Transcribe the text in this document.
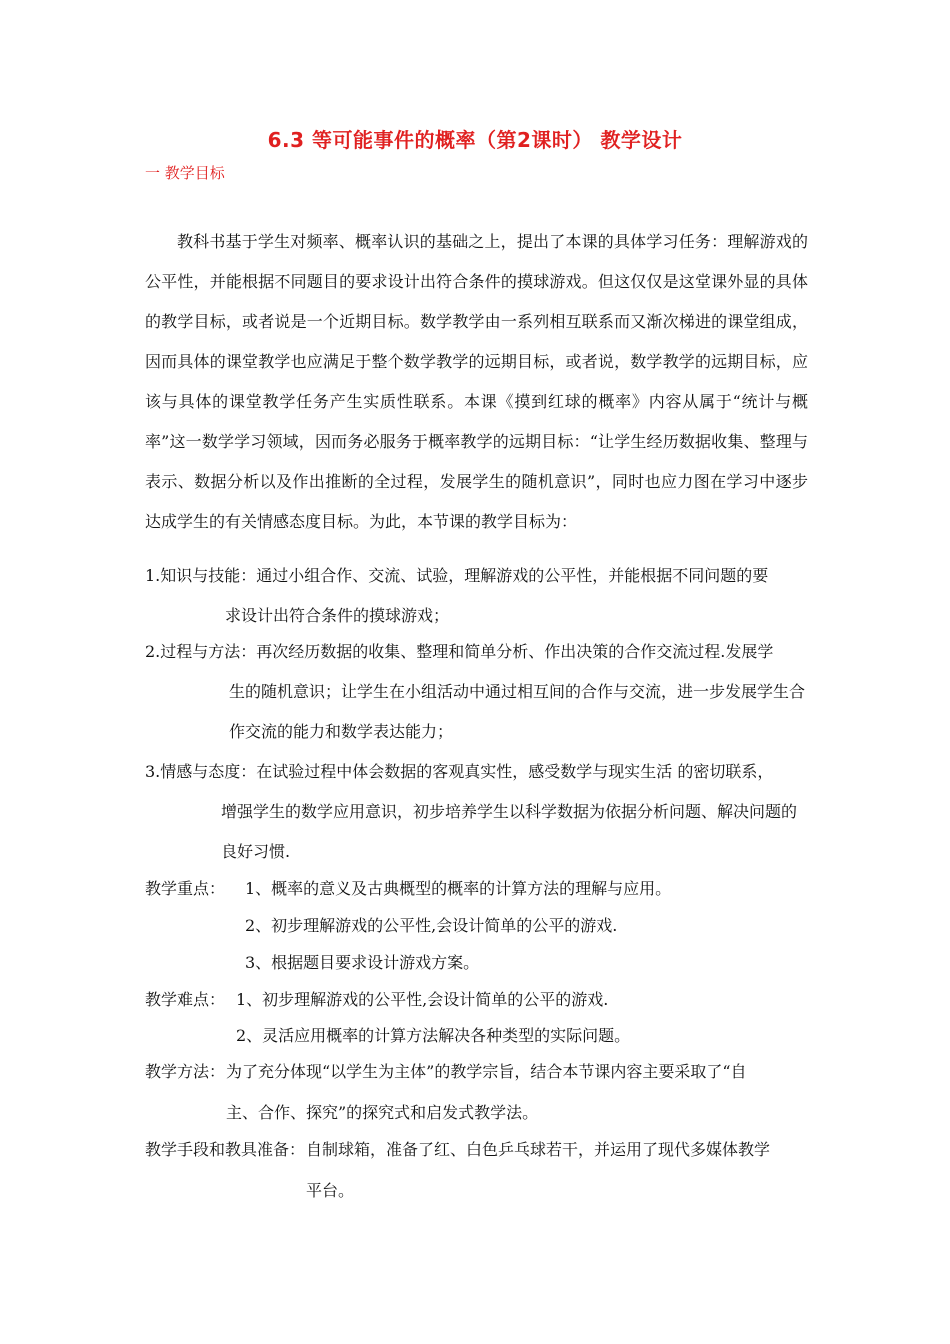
6.3 等可能事件的概率（第2课时） 教学设计
一 教学目标
教科书基于学生对频率、概率认识的基础之上，提出了本课的具体学习任务：理解游戏的公平性，并能根据不同题目的要求设计出符合条件的摸球游戏。但这仅仅是这堂课外显的具体的教学目标，或者说是一个近期目标。数学教学由一系列相互联系而又渐次梯进的课堂组成，因而具体的课堂教学也应满足于整个数学教学的远期目标，或者说，数学教学的远期目标，应该与具体的课堂教学任务产生实质性联系。本课《摸到红球的概率》内容从属于“统计与概率”这一数学学习领域，因而务必服务于概率教学的远期目标：“让学生经历数据收集、整理与表示、数据分析以及作出推断的全过程，发展学生的随机意识”，同时也应力图在学习中逐步达成学生的有关情感态度目标。为此，本节课的教学目标为：
1.知识与技能：通过小组合作、交流、试验，理解游戏的公平性，并能根据不同问题的要
求设计出符合条件的摸球游戏；
2.过程与方法：再次经历数据的收集、整理和简单分析、作出决策的合作交流过程.发展学
生的随机意识；让学生在小组活动中通过相互间的合作与交流，进一步发展学生合作交流的能力和数学表达能力；
3.情感与态度：在试验过程中体会数据的客观真实性，感受数学与现实生活 的密切联系，
增强学生的数学应用意识，初步培养学生以科学数据为依据分析问题、解决问题的良好习惯.
教学重点： 1、概率的意义及古典概型的概率的计算方法的理解与应用。
2、初步理解游戏的公平性,会设计简单的公平的游戏.
3、根据题目要求设计游戏方案。
教学难点： 1、初步理解游戏的公平性,会设计简单的公平的游戏.
2、灵活应用概率的计算方法解决各种类型的实际问题。
教学方法： 为了充分体现“以学生为主体”的教学宗旨，结合本节课内容主要采取了“自
主、合作、探究”的探究式和启发式教学法。
教学手段和教具准备： 自制球箱，准备了红、白色乒乓球若干，并运用了现代多媒体教学
平台。
